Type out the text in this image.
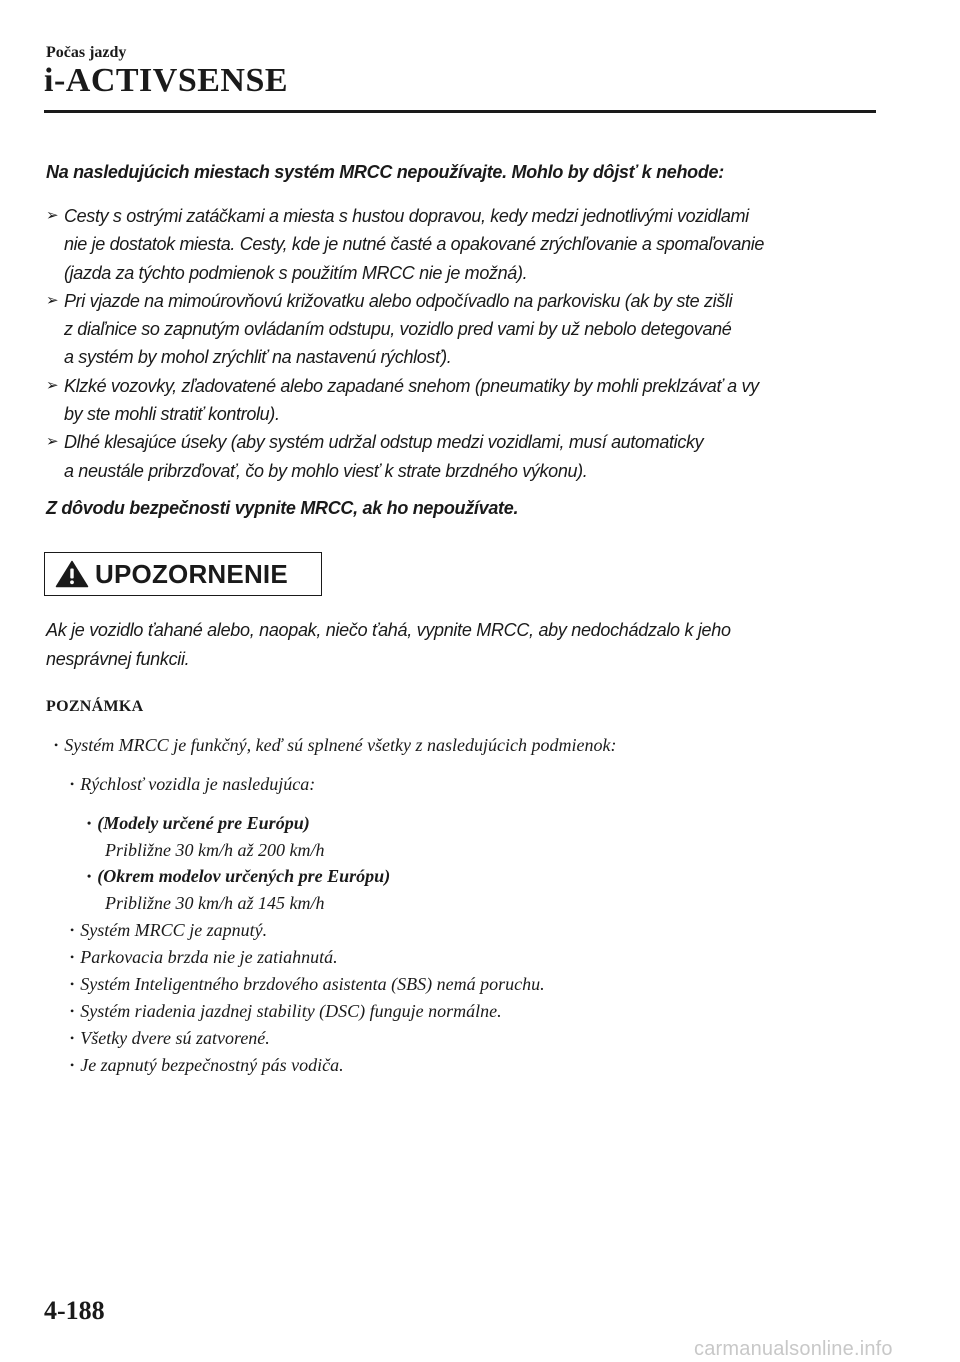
Počas jazdy
i-ACTIVSENSE
Na nasledujúcich miestach systém MRCC nepoužívajte. Mohlo by dôjsť k nehode:
➢ Cesty s ostrými zatáčkami a miesta s hustou dopravou, kedy medzi jednotlivými vozidlami
nie je dostatok miesta. Cesty, kde je nutné časté a opakované zrýchľovanie a spomaľovanie
(jazda za týchto podmienok s použitím MRCC nie je možná).
➢ Pri vjazde na mimoúrovňovú križovatku alebo odpočívadlo na parkovisku (ak by ste zišli
z diaľnice so zapnutým ovládaním odstupu, vozidlo pred vami by už nebolo detegované
a systém by mohol zrýchliť na nastavenú rýchlosť).
➢ Klzké vozovky, zľadovatené alebo zapadané snehom (pneumatiky by mohli preklzávať a vy
by ste mohli stratiť kontrolu).
➢ Dlhé klesajúce úseky (aby systém udržal odstup medzi vozidlami, musí automaticky
a neustále pribrzďovať, čo by mohlo viesť k strate brzdného výkonu).
Z dôvodu bezpečnosti vypnite MRCC, ak ho nepoužívate.
UPOZORNENIE
Ak je vozidlo ťahané alebo, naopak, niečo ťahá, vypnite MRCC, aby nedochádzalo k jeho
nesprávnej funkcii.
POZNÁMKA
• Systém MRCC je funkčný, keď sú splnené všetky z nasledujúcich podmienok:
• Rýchlosť vozidla je nasledujúca:
• (Modely určené pre Európu)
Približne 30 km/h až 200 km/h
• (Okrem modelov určených pre Európu)
Približne 30 km/h až 145 km/h
• Systém MRCC je zapnutý.
• Parkovacia brzda nie je zatiahnutá.
• Systém Inteligentného brzdového asistenta (SBS) nemá poruchu.
• Systém riadenia jazdnej stability (DSC) funguje normálne.
• Všetky dvere sú zatvorené.
• Je zapnutý bezpečnostný pás vodiča.
4-188
carmanualsonline.info
